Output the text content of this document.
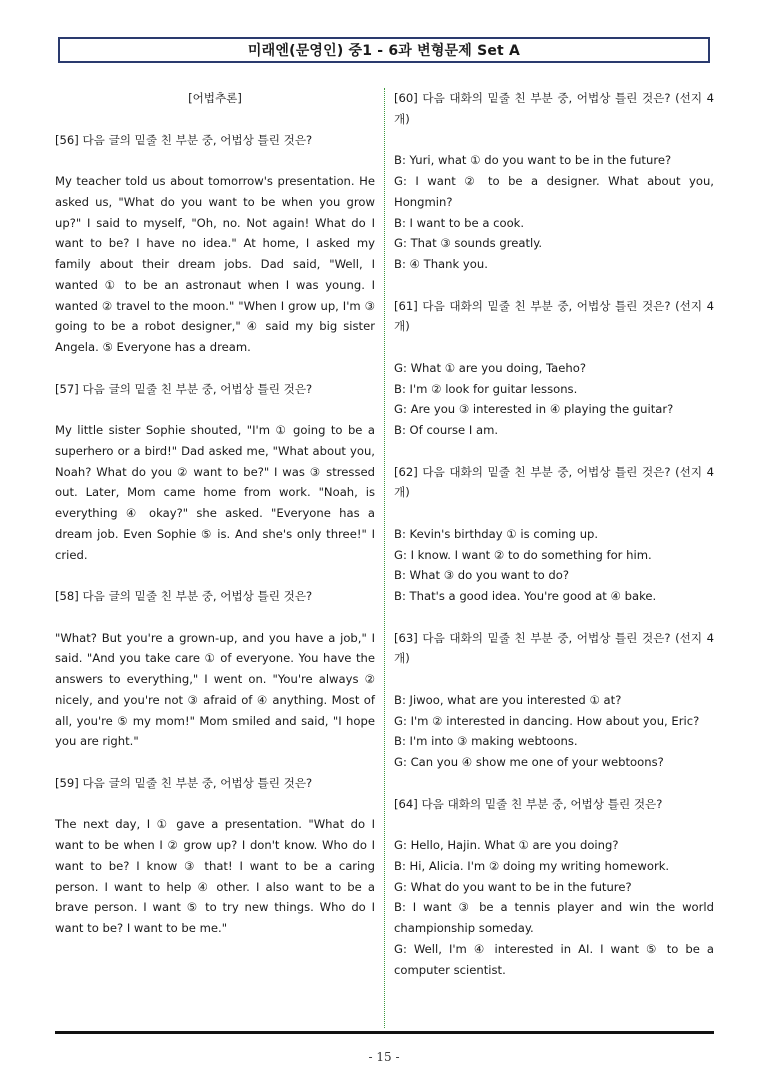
미래엔(문영인) 중1 - 6과 변형문제 Set A

[어법추론]

[56] 다음 글의 밑줄 친 부분 중, 어법상 틀린 것은?

My teacher told us about tomorrow's presentation. He asked us, "What do you want to be when you grow up?" I said to myself, "Oh, no. Not again! What do I want to be? I have no idea." At home, I asked my family about their dream jobs. Dad said, "Well, I wanted ① to be an astronaut when I was young. I wanted ② travel to the moon." "When I grow up, I'm ③ going to be a robot designer," ④ said my big sister Angela. ⑤ Everyone has a dream.

[57] 다음 글의 밑줄 친 부분 중, 어법상 틀린 것은?

My little sister Sophie shouted, "I'm ① going to be a superhero or a bird!" Dad asked me, "What about you, Noah? What do you ② want to be?" I was ③ stressed out. Later, Mom came home from work. "Noah, is everything ④ okay?" she asked. "Everyone has a dream job. Even Sophie ⑤ is. And she's only three!" I cried.

[58] 다음 글의 밑줄 친 부분 중, 어법상 틀린 것은?

"What? But you're a grown-up, and you have a job," I said. "And you take care ① of everyone. You have the answers to everything," I went on. "You're always ② nicely, and you're not ③ afraid of ④ anything. Most of all, you're ⑤ my mom!" Mom smiled and said, "I hope you are right."

[59] 다음 글의 밑줄 친 부분 중, 어법상 틀린 것은?

The next day, I ① gave a presentation. "What do I want to be when I ② grow up? I don't know. Who do I want to be? I know ③ that! I want to be a caring person. I want to help ④ other. I also want to be a brave person. I want ⑤ to try new things. Who do I want to be? I want to be me."

[60] 다음 대화의 밑줄 친 부분 중, 어법상 틀린 것은? (선지 4개)

B: Yuri, what ① do you want to be in the future?

G: I want ② to be a designer. What about you, Hongmin?

B: I want to be a cook.

G: That ③ sounds greatly.

B: ④ Thank you.

[61] 다음 대화의 밑줄 친 부분 중, 어법상 틀린 것은? (선지 4개)

G: What ① are you doing, Taeho?

B: I'm ② look for guitar lessons.

G: Are you ③ interested in ④ playing the guitar?

B: Of course I am.

[62] 다음 대화의 밑줄 친 부분 중, 어법상 틀린 것은? (선지 4개)

B: Kevin's birthday ① is coming up.

G: I know. I want ② to do something for him.

B: What ③ do you want to do?

B: That's a good idea. You're good at ④ bake.

[63] 다음 대화의 밑줄 친 부분 중, 어법상 틀린 것은? (선지 4개)

B: Jiwoo, what are you interested ① at?

G: I'm ② interested in dancing. How about you, Eric?

B: I'm into ③ making webtoons.

G: Can you ④ show me one of your webtoons?

[64] 다음 대화의 밑줄 친 부분 중, 어법상 틀린 것은?

G: Hello, Hajin. What ① are you doing?

B: Hi, Alicia. I'm ② doing my writing homework.

G: What do you want to be in the future?

B: I want ③ be a tennis player and win the world championship someday.

G: Well, I'm ④ interested in AI. I want ⑤ to be a computer scientist.

- 15 -
